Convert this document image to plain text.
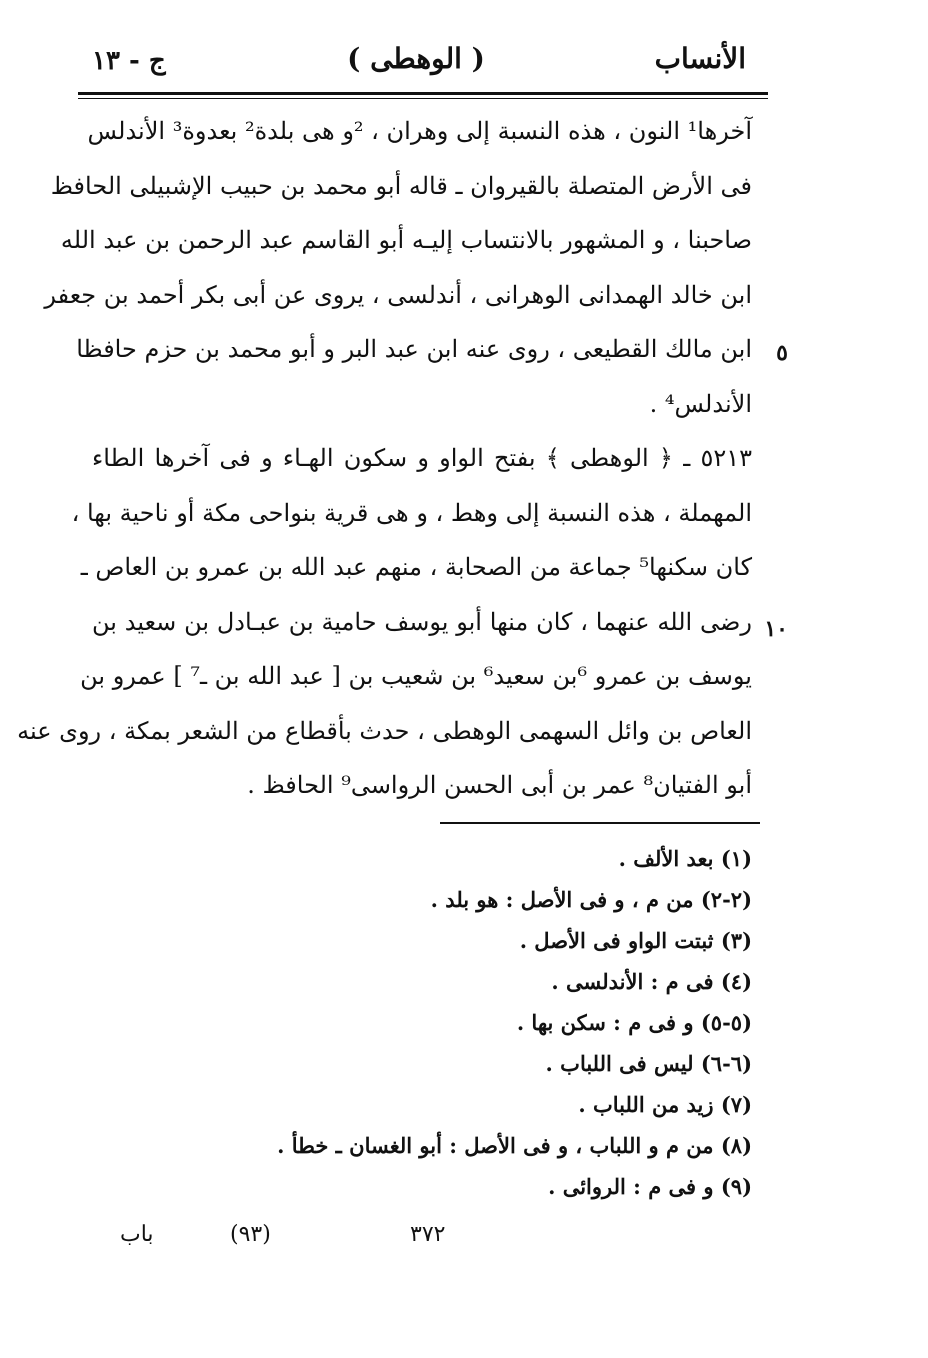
الأنساب
( الوهطى )
ج - ١٣
٥
١٠
آخرها¹ النون ، هذه النسبة إلى وهران ، ²و هى بلدة² بعدوة³ الأندلس
فى الأرض المتصلة بالقيروان ـ قاله أبو محمد بن حبيب الإشبيلى الحافظ
صاحبنا ، و المشهور بالانتساب إليـه أبو القاسم عبد الرحمن بن عبد الله
ابن خالد الهمدانى الوهرانى ، أندلسى ، يروى عن أبى بكر أحمد بن جعفر
ابن مالك القطيعى ، روى عنه ابن عبد البر و أبو محمد بن حزم حافظا
الأندلس⁴ .
٥٢١٣ ـ ﴿ الوهطى ﴾ بفتح الواو و سكون الهـاء و فى آخرها الطاء
المهملة ، هذه النسبة إلى وهط ، و هى قرية بنواحى مكة أو ناحية بها ،
كان سكنها⁵ جماعة من الصحابة ، منهم عبد الله بن عمرو بن العاص ـ
رضى الله عنهما ، كان منها أبو يوسف حامية بن عبـادل بن سعيد بن
يوسف بن عمرو ⁶بن سعيد⁶ بن شعيب بن [ عبد الله بن ـ⁷ ] عمرو بن
العاص بن وائل السهمى الوهطى ، حدث بأقطاع من الشعر بمكة ، روى عنه
أبو الفتيان⁸ عمر بن أبى الحسن الرواسى⁹ الحافظ .
(١) بعد الألف .
(٢-٢) من م ، و فى الأصل : هو بلد .
(٣) ثبتت الواو فى الأصل .
(٤) فى م : الأندلسى .
(٥-٥) و فى م : سكن بها .
(٦-٦) ليس فى اللباب .
(٧) زيد من اللباب .
(٨) من م و اللباب ، و فى الأصل : أبو الغسان ـ خطأ .
(٩) و فى م : الروائى .
باب	(٩٣)	٣٧٢
